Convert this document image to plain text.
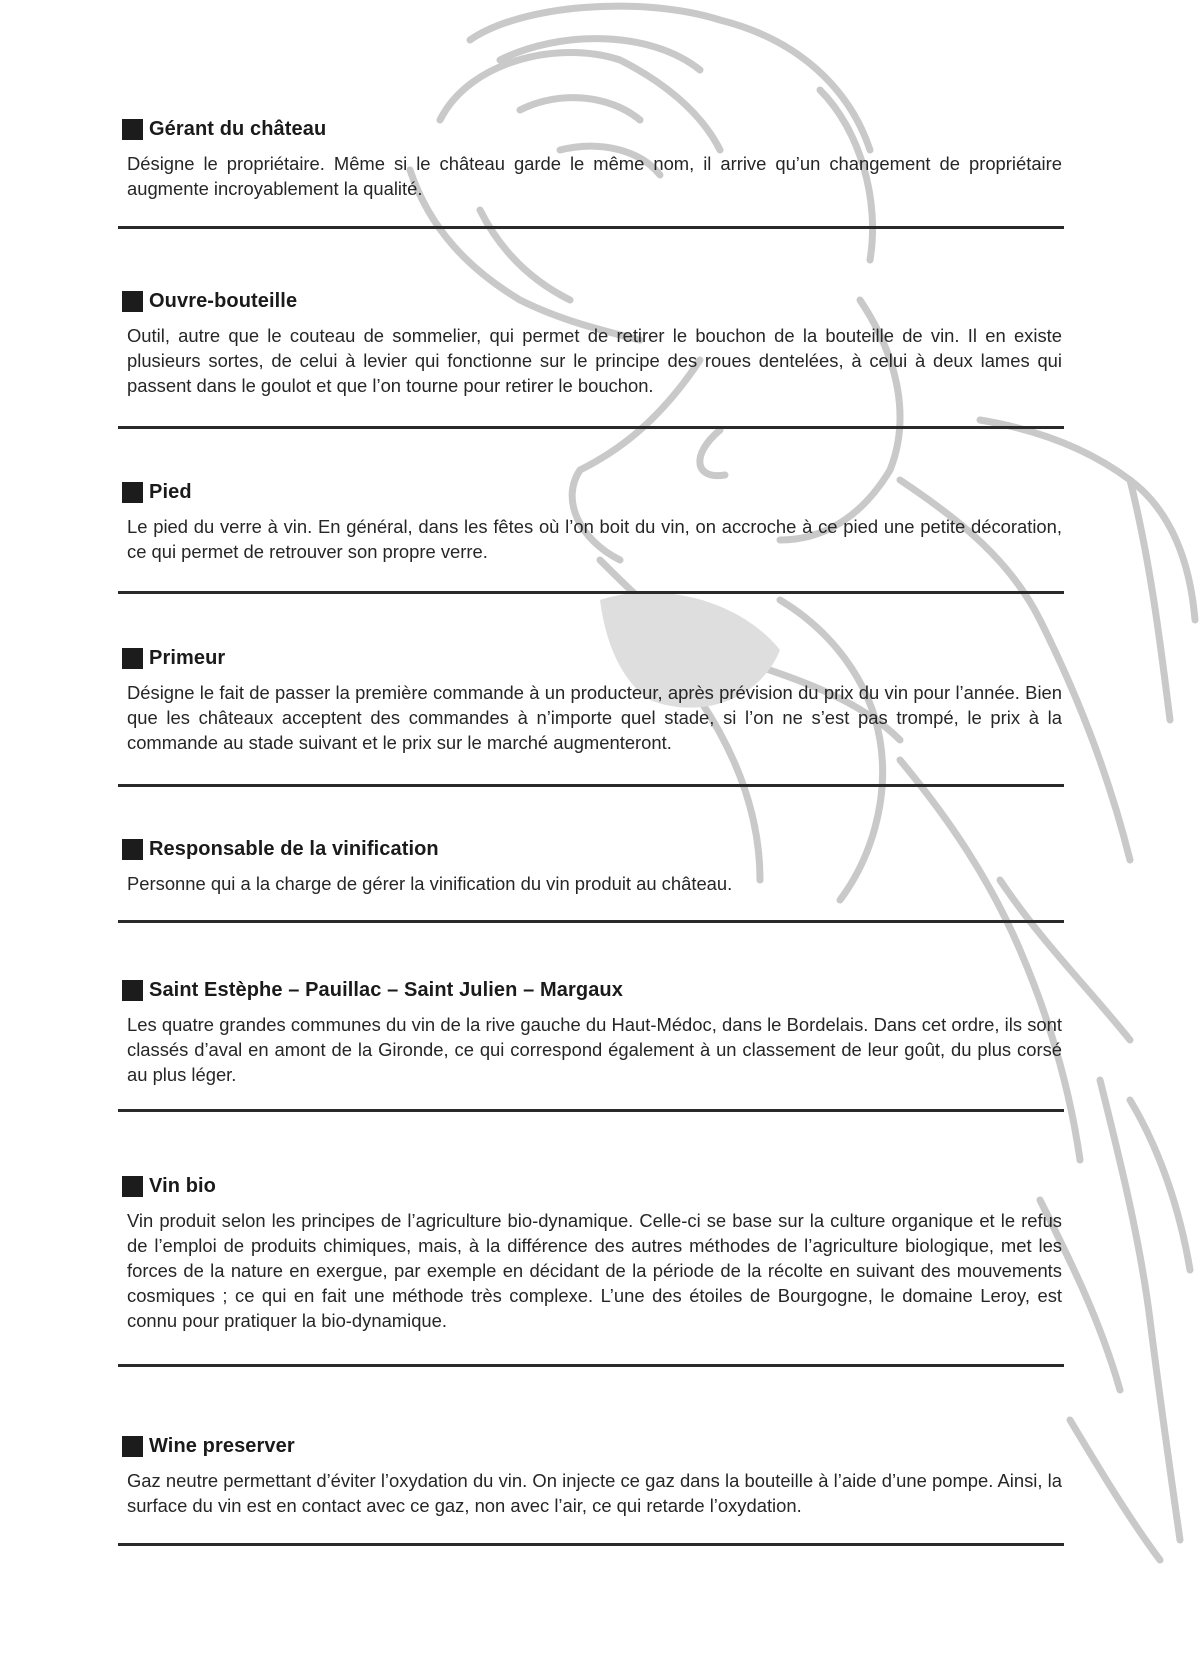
Gérant du château
Désigne le propriétaire. Même si le château garde le même nom, il arrive qu’un changement de propriétaire augmente incroyablement la qualité.
Ouvre-bouteille
Outil, autre que le couteau de sommelier, qui permet de retirer le bouchon de la bouteille de vin. Il en existe plusieurs sortes, de celui à levier qui fonctionne sur le principe des roues dentelées, à celui à deux lames qui passent dans le goulot et que l’on tourne pour retirer le bouchon.
Pied
Le pied du verre à vin. En général, dans les fêtes où l’on boit du vin, on accroche à ce pied une petite décoration, ce qui permet de retrouver son propre verre.
Primeur
Désigne le fait de passer la première commande à un producteur, après prévision du prix du vin pour l’année. Bien que les châteaux acceptent des commandes à n’importe quel stade, si l’on ne s’est pas trompé, le prix à la commande au stade suivant et le prix sur le marché augmenteront.
Responsable de la vinification
Personne qui a la charge de gérer la vinification du vin produit au château.
Saint Estèphe – Pauillac – Saint Julien – Margaux
Les quatre grandes communes du vin de la rive gauche du Haut-Médoc, dans le Bordelais. Dans cet ordre, ils sont classés d’aval en amont de la Gironde, ce qui correspond également à un classement de leur goût, du plus corsé au plus léger.
Vin bio
Vin produit selon les principes de l’agriculture bio-dynamique. Celle-ci se base sur la culture organique et le refus de l’emploi de produits chimiques, mais, à la différence des autres méthodes de l’agriculture biologique, met les forces de la nature en exergue, par exemple en décidant de la période de la récolte en suivant des mouvements cosmiques ; ce qui en fait une méthode très complexe. L’une des étoiles de Bourgogne, le domaine Leroy, est connu pour pratiquer la bio-dynamique.
Wine preserver
Gaz neutre permettant d’éviter l’oxydation du vin. On injecte ce gaz dans la bouteille à l’aide d’une pompe. Ainsi, la surface du vin est en contact avec ce gaz, non avec l’air, ce qui retarde l’oxydation.
